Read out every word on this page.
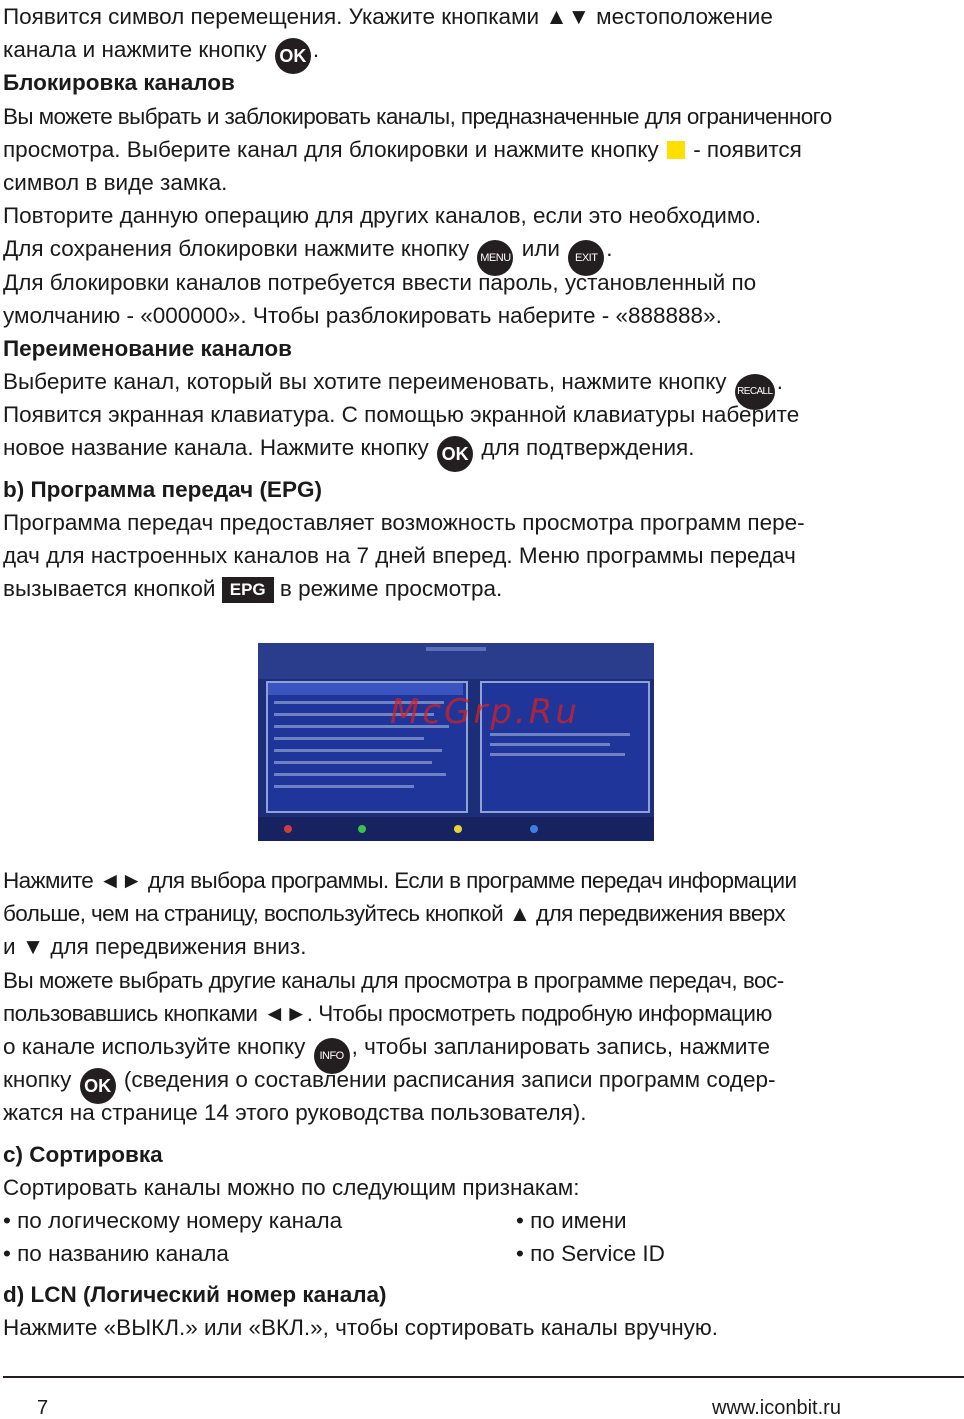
Появится символ перемещения. Укажите кнопками ▲▼ местоположение
канала и нажмите кнопку OK .
Блокировка каналов
Вы можете выбрать и заблокировать каналы, предназначенные для ограниченного
просмотра. Выберите канал для блокировки и нажмите кнопку  - появится
символ в виде замка.
Повторите данную операцию для других каналов, если это необходимо.
Для сохранения блокировки нажмите кнопку MENU или EXIT .
Для блокировки каналов потребуется ввести пароль, установленный по
умолчанию - «000000». Чтобы разблокировать наберите - «888888».
Переименование каналов
Выберите канал, который вы хотите переименовать, нажмите кнопку RECALL .
Появится экранная клавиатура. С помощью экранной клавиатуры наберите
новое название канала. Нажмите кнопку OK для подтверждения.
b) Программа передач (EPG)
Программа передач предоставляет возможность просмотра программ пере-
дач для настроенных каналов на 7 дней вперед. Меню программы передач
вызывается кнопкой EPG в режиме просмотра.
McGrp.Ru
Нажмите ◄► для выбора программы. Если в программе передач информации
больше, чем на страницу, воспользуйтесь кнопкой ▲ для передвижения вверх
и ▼ для передвижения вниз.
Вы можете выбрать другие каналы для просмотра в программе передач, вос-
пользовавшись кнопками ◄►. Чтобы просмотреть подробную информацию
о канале используйте кнопку INFO , чтобы запланировать запись, нажмите
кнопку OK (сведения о составлении расписания записи программ содер-
жатся на странице 14 этого руководства пользователя).
c) Сортировка
Сортировать каналы можно по следующим признакам:
• по логическому номеру канала	• по имени
• по названию канала	• по Service ID
d) LCN (Логический номер канала)
Нажмите «ВЫКЛ.» или «ВКЛ.», чтобы сортировать каналы вручную.
7	www.iconbit.ru
